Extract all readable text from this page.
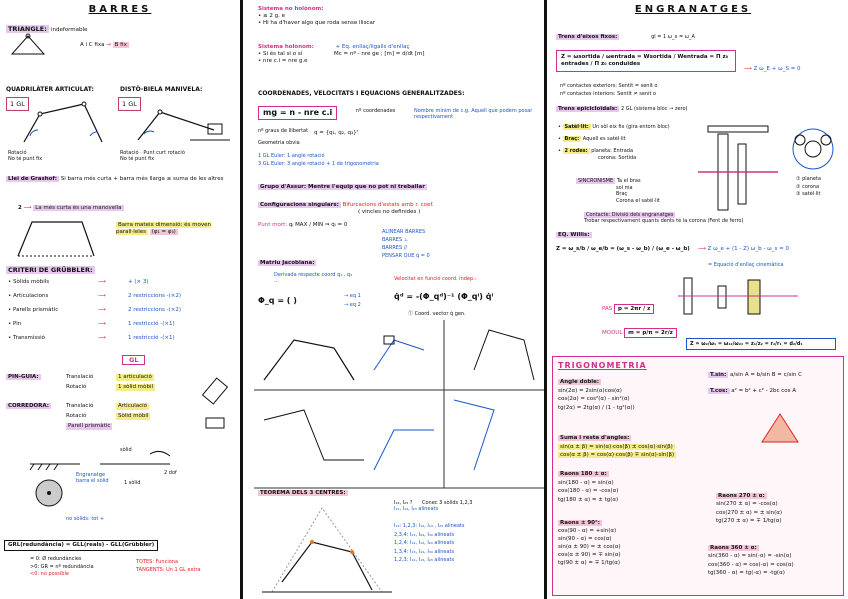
BARRES
TRIANGLE: indeformable
A i C fixa → B fix
QUADRILÀTER ARTICULAT:	DISTÒ-BIELA MANIVELA:
1 GL	1 GL
Rotació
No té punt fix
Rotació · Punt curt rotació
No té punt fix
Llei de Grashof: Si barra més curta + barra més llarga ≤ suma de les altres
2 ⟶ La més curta és una manovella
Barra mateix dimensió: és moven parall·leles (φ₁ = φ₃)
CRITERI DE GRÜBBLER:
• Sòlids mòbils	⟶	+ (× 3)
• Articulacions	⟶	2 restriccions -(×2)
• Parells prismàtic	⟶	2 restriccions -(×2)
• Pin	⟶	1 restricció -(×1)
• Transmissió	⟶	1 restricció -(×1)
GL
PIN-GUIA:	Translació	1 articulació

Rotació	1 sòlid mòbil
CORREDORA:	Translació	Articulació

Rotació	Sòlid mòbil

Parell prismàtic
sòlid
Engranatge
barra el sòlid	1 sòlid
2 dof
no sòlids: tot +
GRL(redundància) = GLL(reals) - GLL(Grübbler)
= 0: Ø redundàncies
>0: GR = nº redundància
<0: no possible
TOTES: Funciona
TANGENTS: Un 1 GL extra
Sistema no holònom:
• ≤ 2 g. e
• Hi ha d'haver algo que roda sense lliscar
Sistema holònom:	+ Eq. enllaç/ligalls d'enllaç
• Si és tal si o sí	Mc = nº - nre ge ; [m] = d/dt [m]
• nre c.i = nre g.e
COORDENADES, VELOCITATS I EQUACIONS GENERALITZADES:
mg = n - nre c.i	nº coordenades	Nombre mínim de c.g. Aquell que podem posar respectivament
nº graus de llibertat q = {q₁, q₂, q₃}ᵀ
Geometria obvia
1 GL Euler: 1 angle rotació
3 GL Euler: 3 angle rotació + 1 de trigonometria
Grupo d'Assur: Mentre l'equip que no pot ni treballar
Configuracions singulars: Bifurcacions d'estats amb r. coef.
( vincles no definides )
Punt mort: qᵢ MAX / MIN ⇒ q̇ᵢ = 0
ALINEAR BARRES
BARRES ⊥
BARRES //
PENSAR QUE q̇ = 0
Matriu Jacobiana:
Derivada respecte coord q₁ , q₂ ...
Φ_q = ( )	→ eq 1
→ eq 2
Velocitat en funció coord. índep.:
q̇ᵈ = -(Φ_qᵈ)⁻¹ (Φ_qⁱ) q̇ⁱ
Ⓣ Coord. vector q̇ gen.
TEOREMA DELS 3 CENTRES:
I₁₂, I₂₃ ? Conec 3 sòlids 1,2,3
I₁₂, I₁₃, I₂₃ alineats
I₁₃: 1,2,3: I₁₂, I₁₃ , I₂₃ alineats
2,3,4: I₂₃, I₂₄, I₃₄ alineats
1,2,4: I₁₂, I₁₄, I₂₄ alineats
1,3,4: I₁₃, I₁₄, I₃₄ alineats
1,2,3: I₁₂, I₁₃, I₂₃ alineats
ENGRANATGES
Trens d'eixos fixos:	gl = 1 ω_x = ω_A
Z = ωsortida / ωentrada = Wsortida / Wentrada = Π z₀ entrades / Π z₀ conduïdes
⟶ Z ω_E + ω_S = 0
nº contactes exteriors: Sentit = senit o
nº contactes interiors: Sentit ≠ senit o
Trens epicicloïdals: 2 GL (sistema bloc → zero)
• Satèl·lit: Un sòl eix fix (gira entorn bloc)
• Braç: Aquell es satèl·lit
• 2 rodes: planeta: Entrada
corona: Sortida
SINCRONISME Ta el bras
sol ma
Braç
Corona el satèl·lit
① planeta
② corona
③ satèl·lit
Contacte: Divisió dels engranatges
Trobar respectivament quants dents té la corona (Fent de ferro)
EQ. Willis:
Z = ω_s/b / ω_e/b = (ω_s - ω_b) / (ω_e - ω_b) ⟶ Z ω_e + (1 - Z) ω_b - ω_s = 0
= Equació d'enllaç cinemàtica
PAS p = 2πr / z
MODUL m = p/π = 2r/z
Z = ω₂/ω₁ = ω₁₂/ω₂₁ = z₁/z₂ = r₂/r₁ = d₂/d₁
TRIGONOMETRIA
T.sin: a/sin A = b/sin B = c/sin C
T.cos: a² = b² + c² - 2bc cos A
Angle doble:
sin(2α) = 2sin(α)cos(α)
cos(2α) = cos²(α) - sin²(α)
tg(2α) = 2tg(α) / (1 - tg²(α))
Suma i resta d'angles:
sin(α ± β) = sin(α)·cos(β) ± cos(α)·sin(β)
cos(α ± β) = cos(α)·cos(β) ∓ sin(α)·sin(β)
Raons 180 ± α:
sin(180 - α) = sin(α)
cos(180 - α) = -cos(α)
tg(180 ± α) = ± tg(α)
Raons ± 90°:
cos(90 - α) = +sin(α)
sin(90 - α) = cos(α)
sin(α ± 90) = ± cos(α)
cos(α ± 90) = ∓ sin(α)
tg(90 ± α) = ∓ 1/tg(α)
Raons 270 ± α:
sin(270 ± α) = -cos(α)
cos(270 ± α) = ± sin(α)
tg(270 ± α) = ∓ 1/tg(α)
Raons 360 ± α:
sin(360 - α) = sin(-α) = -sin(α)
cos(360 - α) = cos(-α) = cos(α)
tg(360 - α) = tg(-α) = -tg(α)
